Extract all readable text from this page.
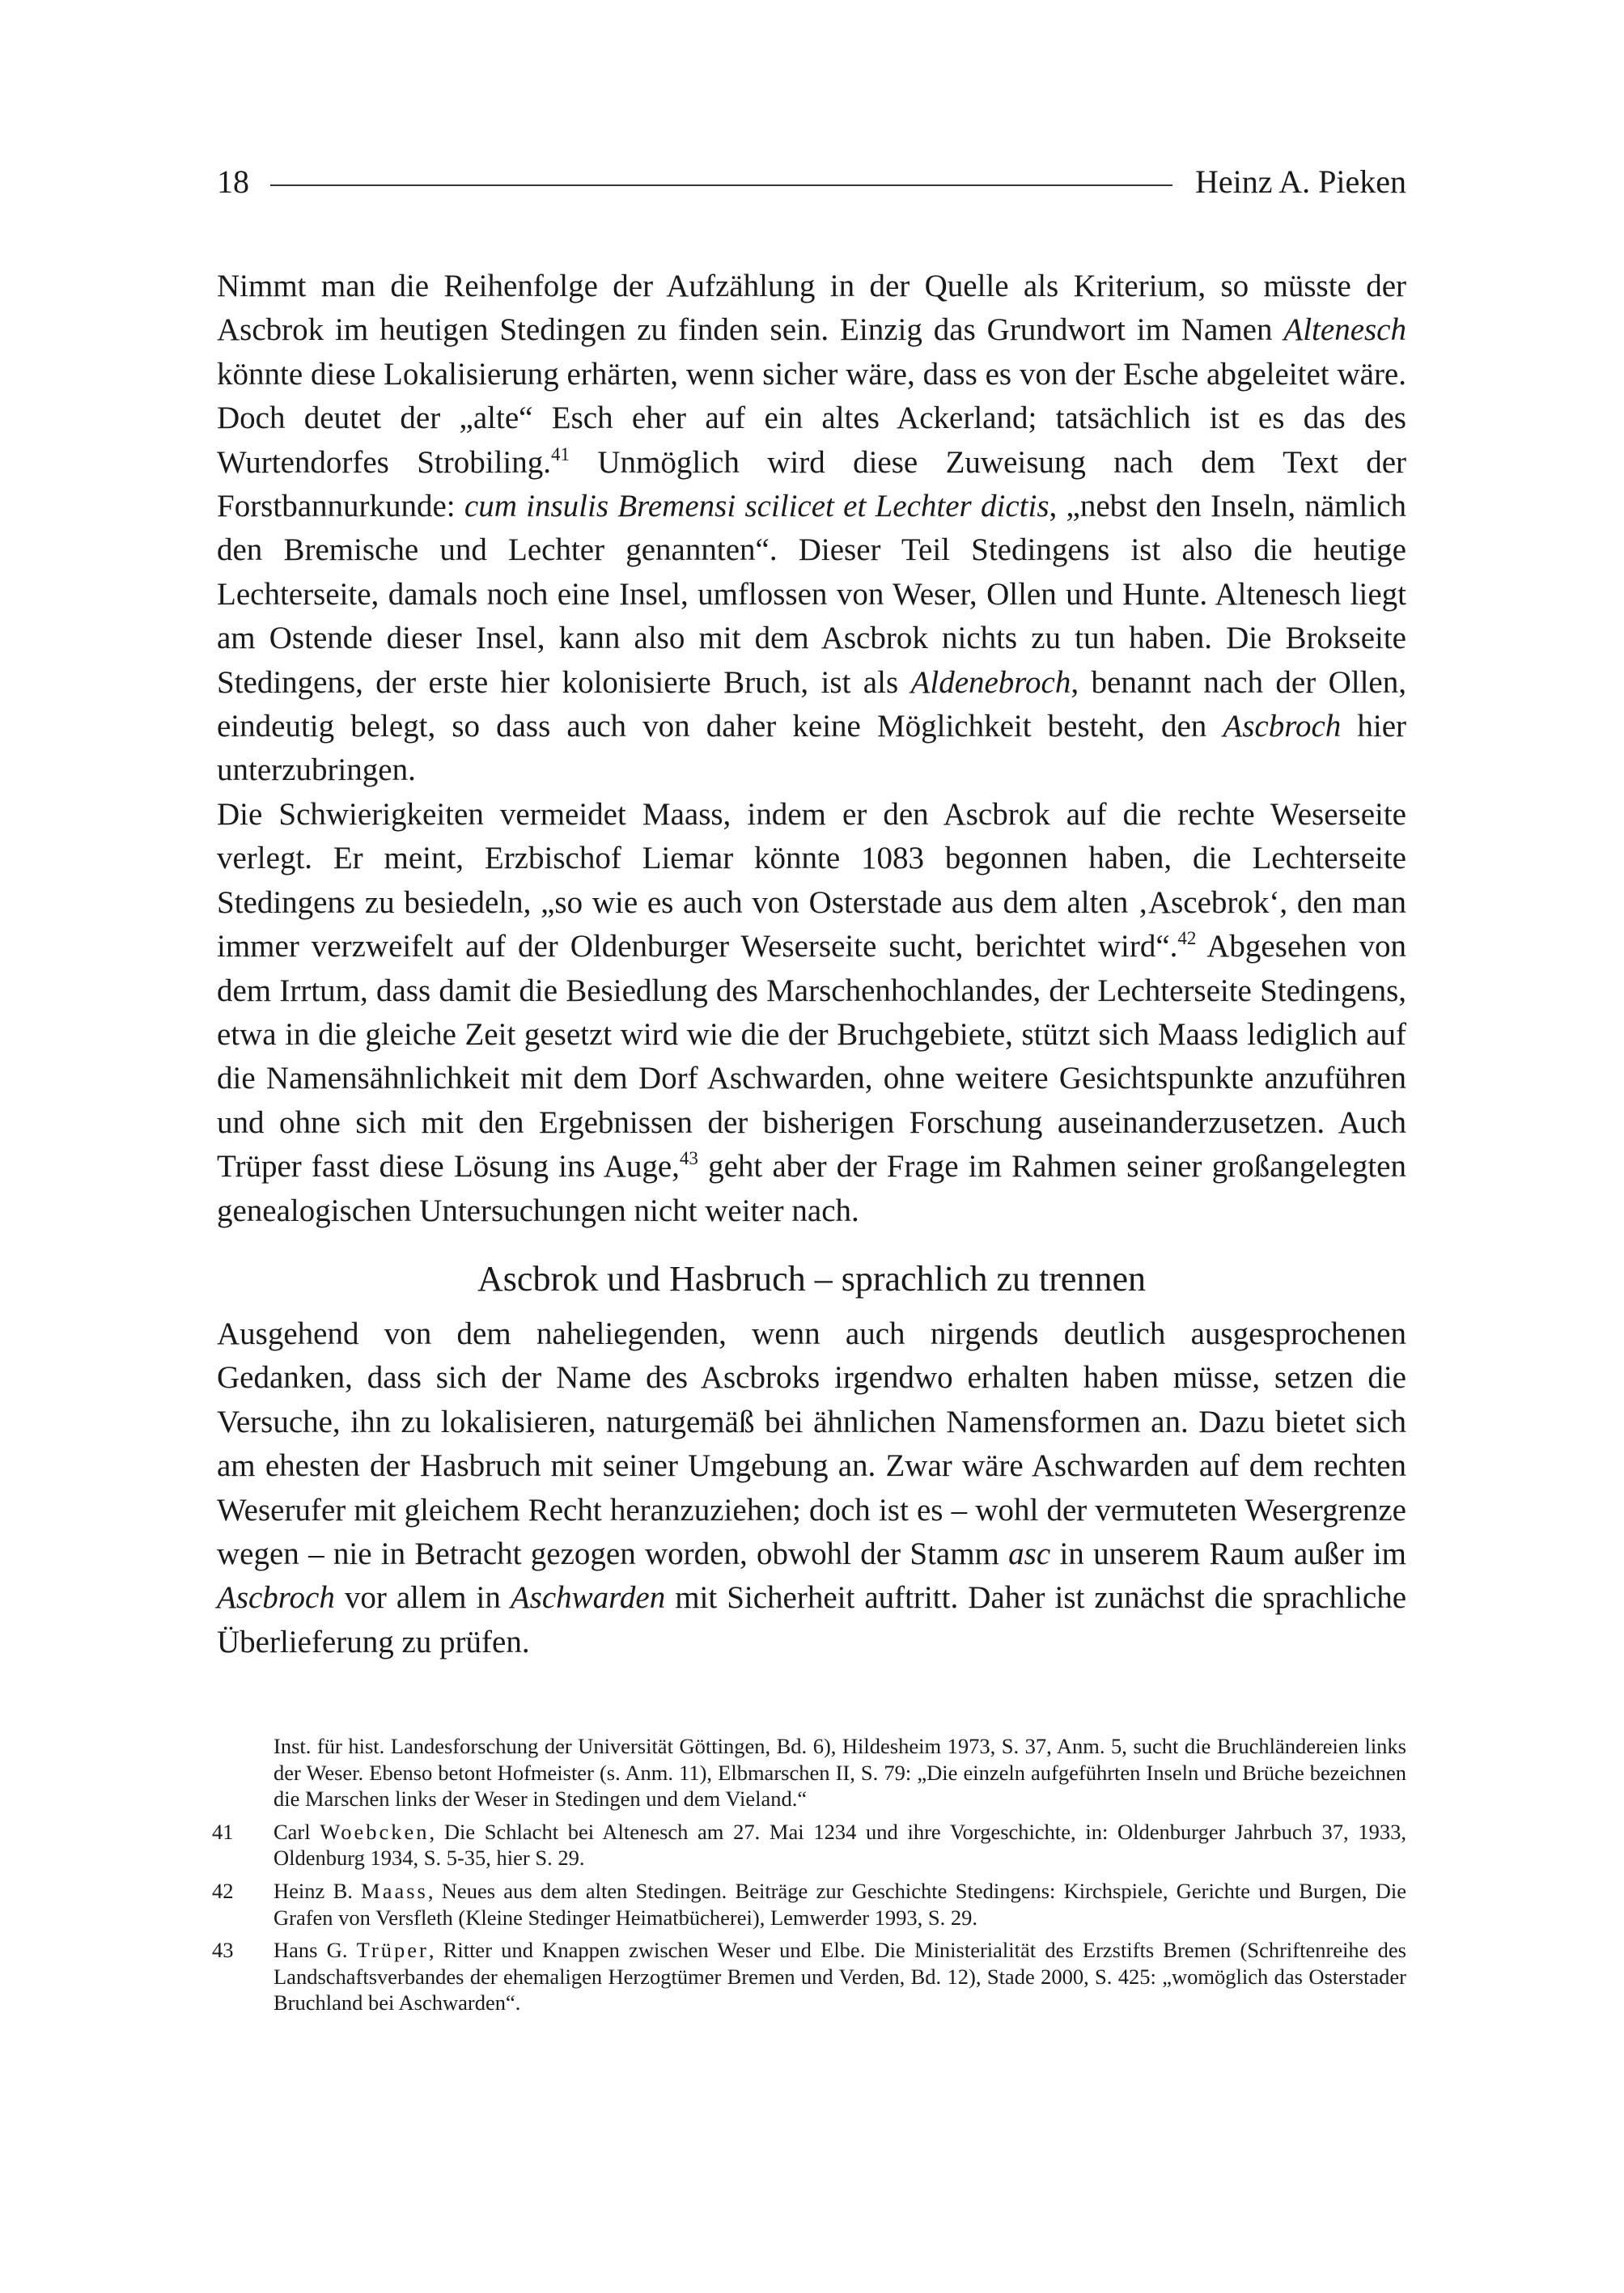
18	Heinz A. Pieken

Nimmt man die Reihenfolge der Aufzählung in der Quelle als Kriterium, so müsste der Ascbrok im heutigen Stedingen zu finden sein. Einzig das Grundwort im Namen Altenesch könnte diese Lokalisierung erhärten, wenn sicher wäre, dass es von der Esche abgeleitet wäre. Doch deutet der „alte“ Esch eher auf ein altes Ackerland; tatsächlich ist es das des Wurtendorfes Strobiling.$^{41}$ Unmöglich wird diese Zuweisung nach dem Text der Forstbannurkunde: cum insulis Bremensi scilicet et Lechter dictis, „nebst den Inseln, nämlich den Bremische und Lechter genannten“. Dieser Teil Stedingens ist also die heutige Lechterseite, damals noch eine Insel, umflossen von Weser, Ollen und Hunte. Altenesch liegt am Ostende dieser Insel, kann also mit dem Ascbrok nichts zu tun haben. Die Brokseite Stedingens, der erste hier kolonisierte Bruch, ist als Aldenebroch, benannt nach der Ollen, eindeutig belegt, so dass auch von daher keine Möglichkeit besteht, den Ascbroch hier unterzubringen.

Die Schwierigkeiten vermeidet Maass, indem er den Ascbrok auf die rechte Weserseite verlegt. Er meint, Erzbischof Liemar könnte 1083 begonnen haben, die Lechterseite Stedingens zu besiedeln, „so wie es auch von Osterstade aus dem alten ‚Ascebrok‘, den man immer verzweifelt auf der Oldenburger Weserseite sucht, berichtet wird“.$^{42}$ Abgesehen von dem Irrtum, dass damit die Besiedlung des Marschenhochlandes, der Lechterseite Stedingens, etwa in die gleiche Zeit gesetzt wird wie die der Bruchgebiete, stützt sich Maass lediglich auf die Namensähnlichkeit mit dem Dorf Aschwarden, ohne weitere Gesichtspunkte anzuführen und ohne sich mit den Ergebnissen der bisherigen Forschung auseinanderzusetzen. Auch Trüper fasst diese Lösung ins Auge,$^{43}$ geht aber der Frage im Rahmen seiner großangelegten genealogischen Untersuchungen nicht weiter nach.

Ascbrok und Hasbruch – sprachlich zu trennen

Ausgehend von dem naheliegenden, wenn auch nirgends deutlich ausgesprochenen Gedanken, dass sich der Name des Ascbroks irgendwo erhalten haben müsse, setzen die Versuche, ihn zu lokalisieren, naturgemäß bei ähnlichen Namensformen an. Dazu bietet sich am ehesten der Hasbruch mit seiner Umgebung an. Zwar wäre Aschwarden auf dem rechten Weserufer mit gleichem Recht heranzuziehen; doch ist es – wohl der vermuteten Wesergrenze wegen – nie in Betracht gezogen worden, obwohl der Stamm asc in unserem Raum außer im Ascbroch vor allem in Aschwarden mit Sicherheit auftritt. Daher ist zunächst die sprachliche Überlieferung zu prüfen.

Inst. für hist. Landesforschung der Universität Göttingen, Bd. 6), Hildesheim 1973, S. 37, Anm. 5, sucht die Bruchländereien links der Weser. Ebenso betont Hofmeister (s. Anm. 11), Elbmarschen II, S. 79: „Die einzeln aufgeführten Inseln und Brüche bezeichnen die Marschen links der Weser in Stedingen und dem Vieland.“
41	Carl Woebcken, Die Schlacht bei Altenesch am 27. Mai 1234 und ihre Vorgeschichte, in: Oldenburger Jahrbuch 37, 1933, Oldenburg 1934, S. 5-35, hier S. 29.
42	Heinz B. Maass, Neues aus dem alten Stedingen. Beiträge zur Geschichte Stedingens: Kirchspiele, Gerichte und Burgen, Die Grafen von Versfleth (Kleine Stedinger Heimatbücherei), Lemwerder 1993, S. 29.
43	Hans G. Trüper, Ritter und Knappen zwischen Weser und Elbe. Die Ministerialität des Erzstifts Bremen (Schriftenreihe des Landschaftsverbandes der ehemaligen Herzogtümer Bremen und Verden, Bd. 12), Stade 2000, S. 425: „womöglich das Osterstader Bruchland bei Aschwarden“.
